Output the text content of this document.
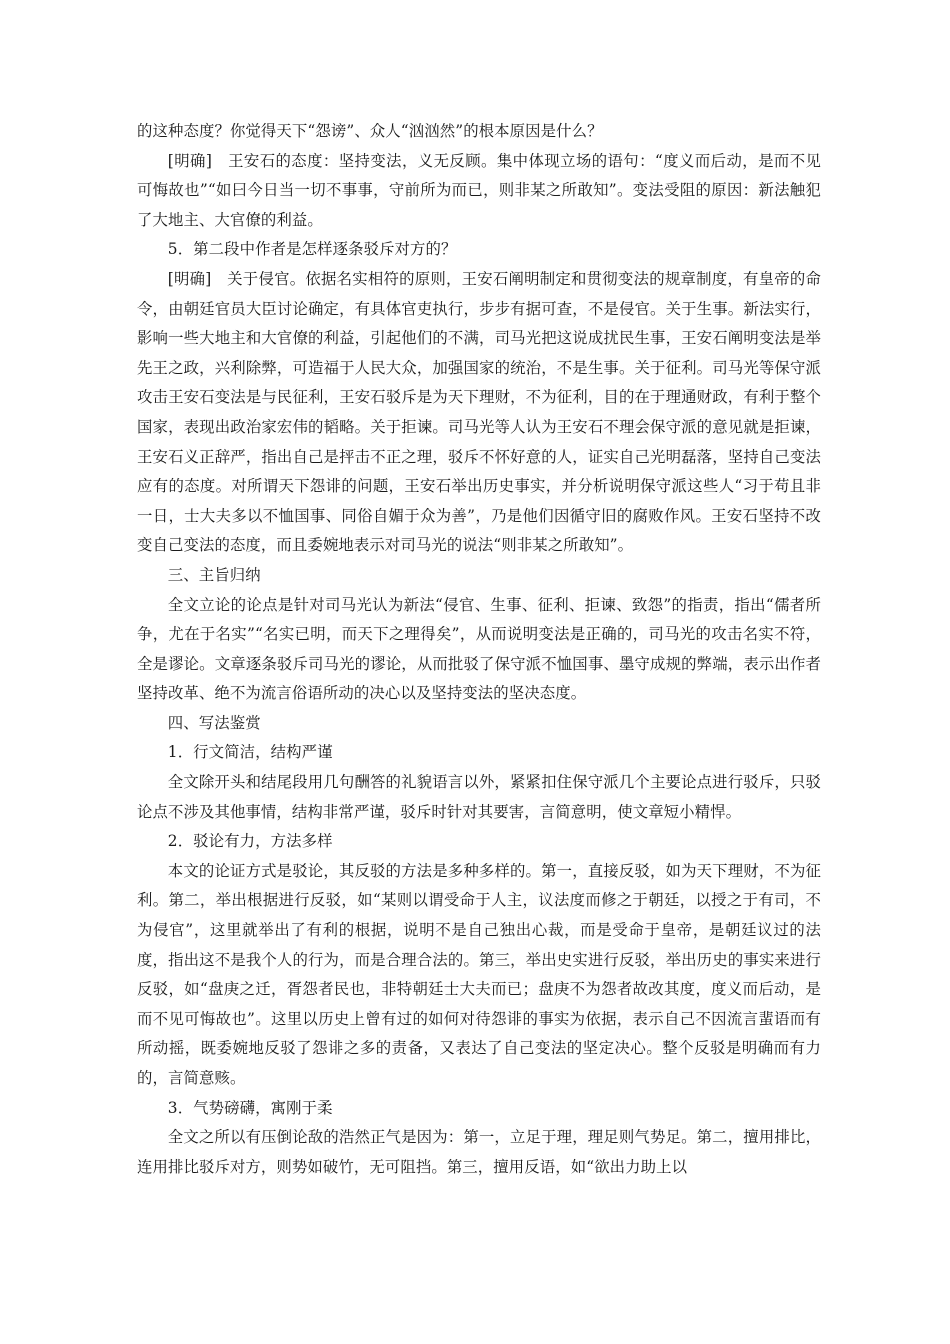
的这种态度？你觉得天下“怨谤”、众人“汹汹然”的根本原因是什么？

[明确]　王安石的态度：坚持变法，义无反顾。集中体现立场的语句：“度义而后动，是而不见可悔故也”“如曰今日当一切不事事，守前所为而已，则非某之所敢知”。变法受阻的原因：新法触犯了大地主、大官僚的利益。

5．第二段中作者是怎样逐条驳斥对方的？

[明确]　关于侵官。依据名实相符的原则，王安石阐明制定和贯彻变法的规章制度，有皇帝的命令，由朝廷官员大臣讨论确定，有具体官吏执行，步步有据可查，不是侵官。关于生事。新法实行，影响一些大地主和大官僚的利益，引起他们的不满，司马光把这说成扰民生事，王安石阐明变法是举先王之政，兴利除弊，可造福于人民大众，加强国家的统治，不是生事。关于征利。司马光等保守派攻击王安石变法是与民征利，王安石驳斥是为天下理财，不为征利，目的在于理通财政，有利于整个国家，表现出政治家宏伟的韬略。关于拒谏。司马光等人认为王安石不理会保守派的意见就是拒谏，王安石义正辞严，指出自己是抨击不正之理，驳斥不怀好意的人，证实自己光明磊落，坚持自己变法应有的态度。对所谓天下怨诽的问题，王安石举出历史事实，并分析说明保守派这些人“习于苟且非一日，士大夫多以不恤国事、同俗自媚于众为善”，乃是他们因循守旧的腐败作风。王安石坚持不改变自己变法的态度，而且委婉地表示对司马光的说法“则非某之所敢知”。

三、主旨归纳

全文立论的论点是针对司马光认为新法“侵官、生事、征利、拒谏、致怨”的指责，指出“儒者所争，尤在于名实”“名实已明，而天下之理得矣”，从而说明变法是正确的，司马光的攻击名实不符，全是谬论。文章逐条驳斥司马光的谬论，从而批驳了保守派不恤国事、墨守成规的弊端，表示出作者坚持改革、绝不为流言俗语所动的决心以及坚持变法的坚决态度。

四、写法鉴赏

1．行文简洁，结构严谨

全文除开头和结尾段用几句酬答的礼貌语言以外，紧紧扣住保守派几个主要论点进行驳斥，只驳论点不涉及其他事情，结构非常严谨，驳斥时针对其要害，言简意明，使文章短小精悍。

2．驳论有力，方法多样

本文的论证方式是驳论，其反驳的方法是多种多样的。第一，直接反驳，如为天下理财，不为征利。第二，举出根据进行反驳，如“某则以谓受命于人主，议法度而修之于朝廷，以授之于有司，不为侵官”，这里就举出了有利的根据，说明不是自己独出心裁，而是受命于皇帝，是朝廷议过的法度，指出这不是我个人的行为，而是合理合法的。第三，举出史实进行反驳，举出历史的事实来进行反驳，如“盘庚之迁，胥怨者民也，非特朝廷士大夫而已；盘庚不为怨者故改其度，度义而后动，是而不见可悔故也”。这里以历史上曾有过的如何对待怨诽的事实为依据，表示自己不因流言蜚语而有所动摇，既委婉地反驳了怨诽之多的责备，又表达了自己变法的坚定决心。整个反驳是明确而有力的，言简意赅。

3．气势磅礴，寓刚于柔

全文之所以有压倒论敌的浩然正气是因为：第一，立足于理，理足则气势足。第二，擅用排比，连用排比驳斥对方，则势如破竹，无可阻挡。第三，擅用反语，如“欲出力助上以
